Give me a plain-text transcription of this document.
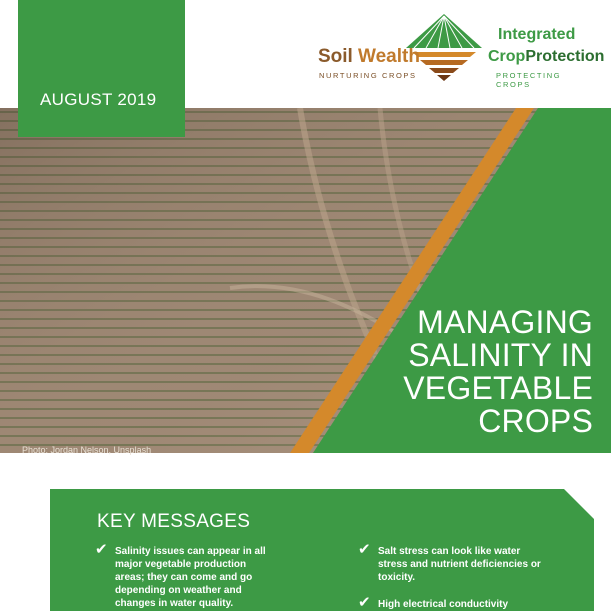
AUGUST 2019
Soil Wealth
NURTURING CROPS
Integrated
CropProtection
PROTECTING CROPS
Photo: Jordan Nelson, Unsplash
MANAGING
SALINITY IN
VEGETABLE
CROPS
KEY MESSAGES
✔ Salinity issues can appear in all major vegetable production areas; they can come and go depending on weather and changes in water quality.
✔ Salt stress can look like water stress and nutrient deficiencies or toxicity.
✔ High electrical conductivity
